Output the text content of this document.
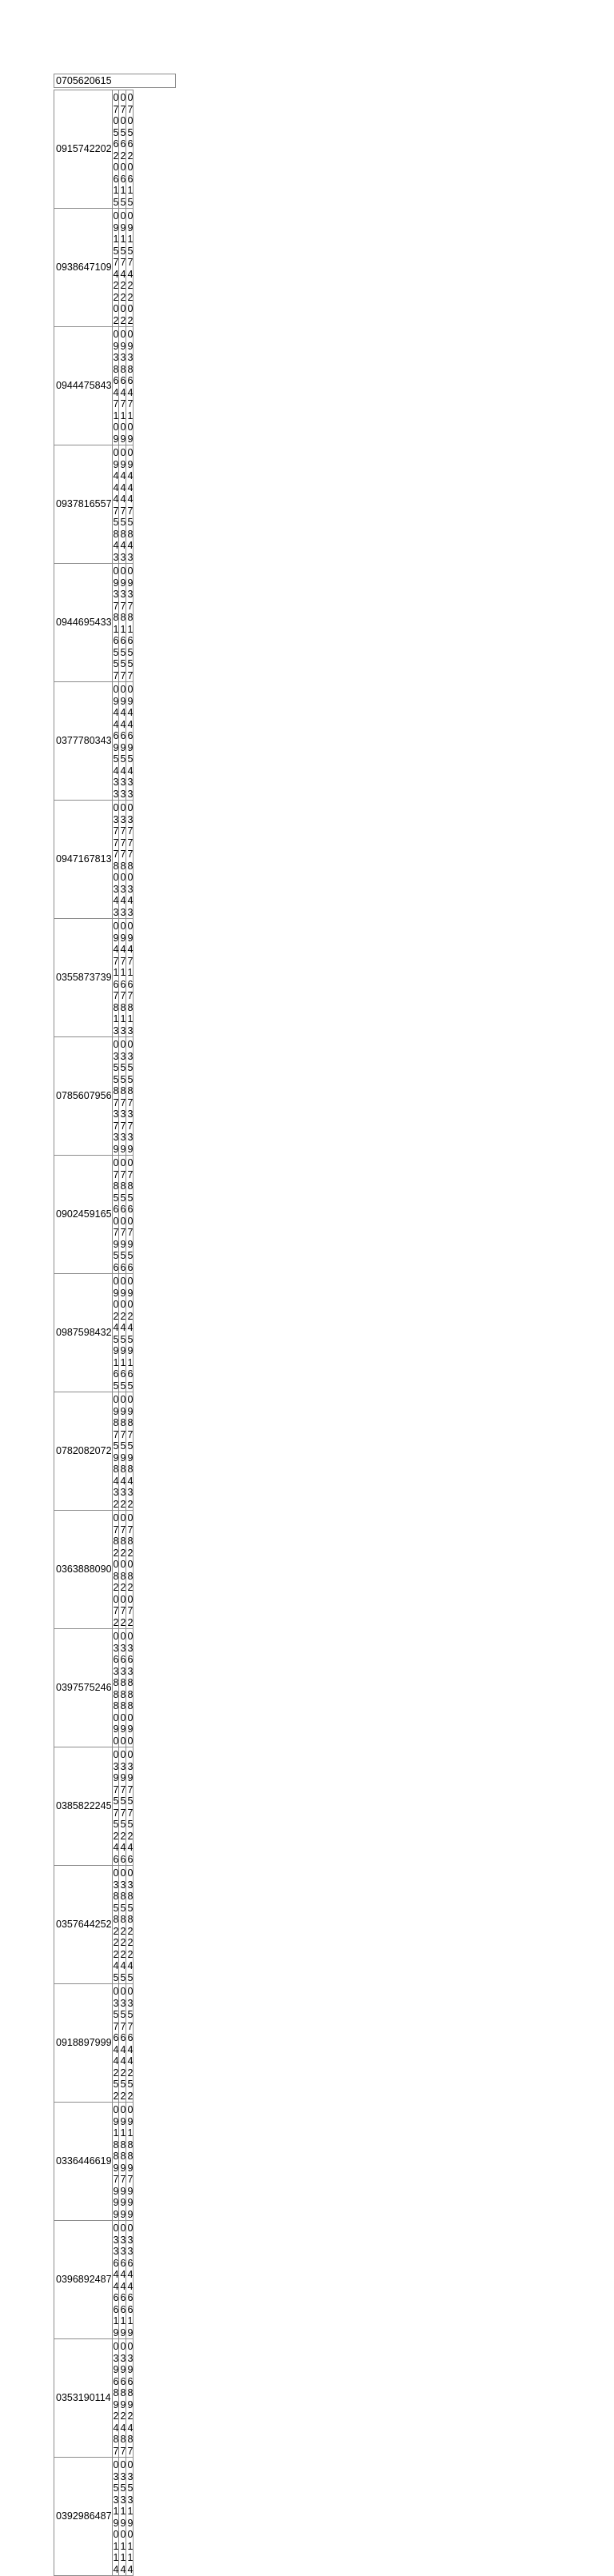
0705620615
0915742202	0705620615	0705620615	0705620615
0938647109	0915742202	0915742202	0915742202
0944475843	0938647109	0938647109	0938647109
0937816557	0944475843	0944475843	0944475843
0944695433	0937816557	0937816557	0937816557
0377780343	0944695433	0944695433	0944695433
0947167813	0377780343	0377780343	0377780343
0355873739	0947167813	0947167813	0947167813
0785607956	0355873739	0355873739	0355873739
0902459165	0785607956	0785607956	0785607956
0987598432	0902459165	0902459165	0902459165
0782082072	0987598432	0987598432	0987598432
0363888090	0782082072	0782082072	0782082072
0397575246	0363888090	0363888090	0363888090
0385822245	0397575246	0397575246	0397575246
0357644252	0385822245	0385822245	0385822245
0918897999	0357644252	0357644252	0357644252
0336446619	0918897999	0918897999	0918897999
0396892487	0336446619	0336446619	0336446619
0353190114	0396892487	0396892487	0396892487
0392986487	0353190114	0353190114	0353190114
